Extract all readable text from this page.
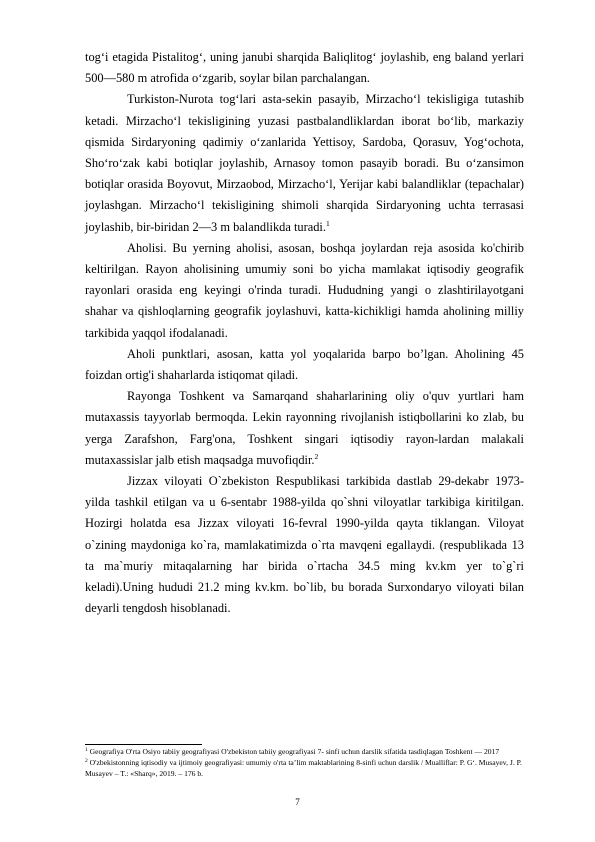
tog‘i etagida Pistalitog‘, uning janubi sharqida Baliqlitog‘ joylashib, eng baland yerlari 500—580 m atrofida o‘zgarib, soylar bilan parchalangan.

Turkiston-Nurota tog‘lari asta-sekin pasayib, Mirzacho‘l tekisligiga tutashib ketadi. Mirzacho‘l tekisligining yuzasi pastbalandliklardan iborat bo‘lib, markaziy qismida Sirdaryoning qadimiy o‘zanlarida Yettisoy, Sardoba, Qorasuv, Yog‘ochota, Sho‘ro‘zak kabi botiqlar joylashib, Arnasoy tomon pasayib boradi. Bu o‘zansimon botiqlar orasida Boyovut, Mirzaobod, Mirzacho‘l, Yerijar kabi balandliklar (tepachalar) joylashgan. Mirzacho‘l tekisligining shimoli sharqida Sirdaryoning uchta terrasasi joylashib, bir-biridan 2—3 m balandlikda turadi.$^1$

Aholisi. Bu yerning aholisi, asosan, boshqa joylardan reja asosida ko'chirib keltirilgan. Rayon aholisining umumiy soni bo yicha mamlakat iqtisodiy geografik rayonlari orasida eng keyingi o'rinda turadi. Hududning yangi o zlashtirilayotgani shahar va qishloqlarning geografik joylashuvi, katta-kichikligi hamda aholining milliy tarkibida yaqqol ifodalanadi.

Aholi punktlari, asosan, katta yol yoqalarida barpo bo’lgan. Aholining 45 foizdan ortig'i shaharlarda istiqomat qiladi.

Rayonga Toshkent va Samarqand shaharlarining oliy o'quv yurtlari ham mutaxassis tayyorlab bermoqda. Lekin rayonning rivojlanish istiqbollarini ko zlab, bu yerga Zarafshon, Farg'ona, Toshkent singari iqtisodiy rayon-lardan malakali mutaxassislar jalb etish maqsadga muvofiqdir.$^2$

Jizzax viloyati O`zbekiston Respublikasi tarkibida dastlab 29-dekabr 1973-yilda tashkil etilgan va u 6-sentabr 1988-yilda qo`shni viloyatlar tarkibiga kiritilgan. Hozirgi holatda esa Jizzax viloyati 16-fevral 1990-yilda qayta tiklangan. Viloyat o`zining maydoniga ko`ra, mamlakatimizda o`rta mavqeni egallaydi. (respublikada 13 ta ma`muriy mitaqalarning har birida o`rtacha 34.5 ming kv.km yer to`g`ri keladi).Uning hududi 21.2 ming kv.km. bo`lib, bu borada Surxondaryo viloyati bilan deyarli tengdosh hisoblanadi.

$^1$ Geografiya O'rta Osiyo tabiiy geografiyasi O'zbekiston tabiiy geografiyasi 7- sinfi uchun darslik sifatida tasdiqlagan Toshkent — 2017

$^2$ O'zbekistonning iqtisodiy va ijtimoiy geografiyasi: umumiy o'rta ta’lim maktablarining 8-sinfi uchun darslik / Mualliflar: P. G‘. Musayev, J. P. Musayev – T.: «Sharq», 2019. – 176 b.

7
